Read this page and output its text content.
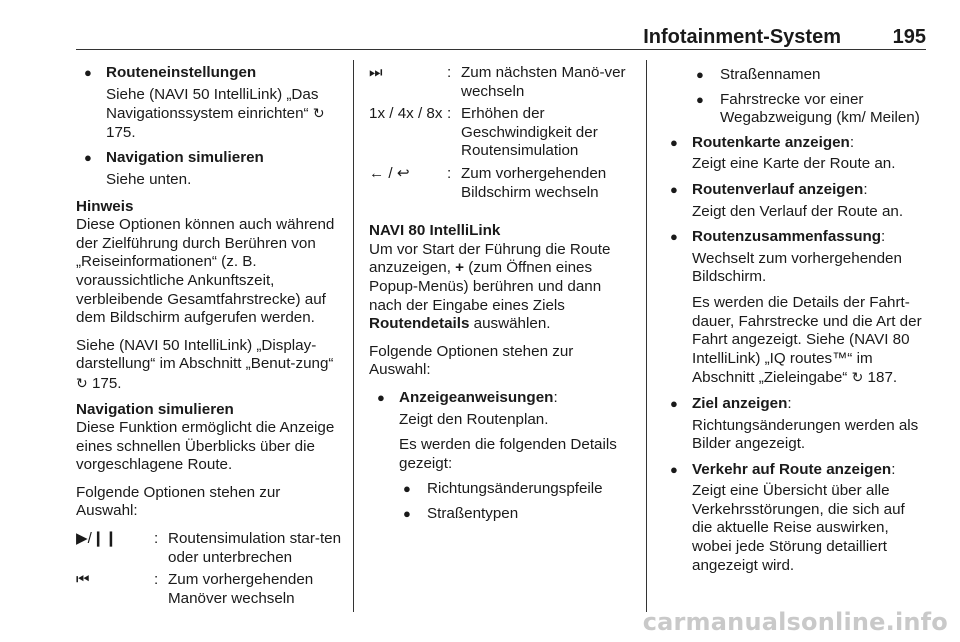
Infotainment-System	195
● Routeneinstellungen
Siehe (NAVI 50 IntelliLink) „Das Navigationssystem einrichten“ ↻ 175.
● Navigation simulieren
Siehe unten.
Hinweis

Diese Optionen können auch während der Zielführung durch Berühren von „Reiseinformationen“ (z. B. voraussichtliche Ankunftszeit, verbleibende Gesamtfahrstrecke) auf dem Bildschirm aufgerufen werden.

Siehe (NAVI 50 IntelliLink) „Display-darstellung“ im Abschnitt „Benut-zung“ ↻ 175.

Navigation simulieren

Diese Funktion ermöglicht die Anzeige eines schnellen Überblicks über die vorgeschlagene Route.

Folgende Optionen stehen zur Auswahl:

▶/❙❙	:	Routensimulation star-ten oder unterbrechen
⏮	:	Zum vorhergehenden Manöver wechseln
⏭	:	Zum nächsten Manö-ver wechseln
1x / 4x / 8x	:	Erhöhen der Geschwindigkeit der Routensimulation
← / ↩	:	Zum vorhergehenden Bildschirm wechseln
NAVI 80 IntelliLink

Um vor Start der Führung die Route anzuzeigen, + (zum Öffnen eines Popup-Menüs) berühren und dann nach der Eingabe eines Ziels Routendetails auswählen.

Folgende Optionen stehen zur Auswahl:

● Anzeigeanweisungen:
Zeigt den Routenplan.
Es werden die folgenden Details gezeigt:
● Richtungsänderungspfeile
● Straßentypen
● Straßennamen
● Fahrstrecke vor einer Wegabzweigung (km/ Meilen)
● Routenkarte anzeigen:
Zeigt eine Karte der Route an.
● Routenverlauf anzeigen:
Zeigt den Verlauf der Route an.
● Routenzusammenfassung:
Wechselt zum vorhergehenden Bildschirm.
Es werden die Details der Fahrt-dauer, Fahrstrecke und die Art der Fahrt angezeigt. Siehe (NAVI 80 IntelliLink) „IQ routes™“ im Abschnitt „Zieleingabe“ ↻ 187.
● Ziel anzeigen:
Richtungsänderungen werden als Bilder angezeigt.
● Verkehr auf Route anzeigen:
Zeigt eine Übersicht über alle Verkehrsstörungen, die sich auf die aktuelle Reise auswirken, wobei jede Störung detailliert angezeigt wird.
carmanualsonline.info
